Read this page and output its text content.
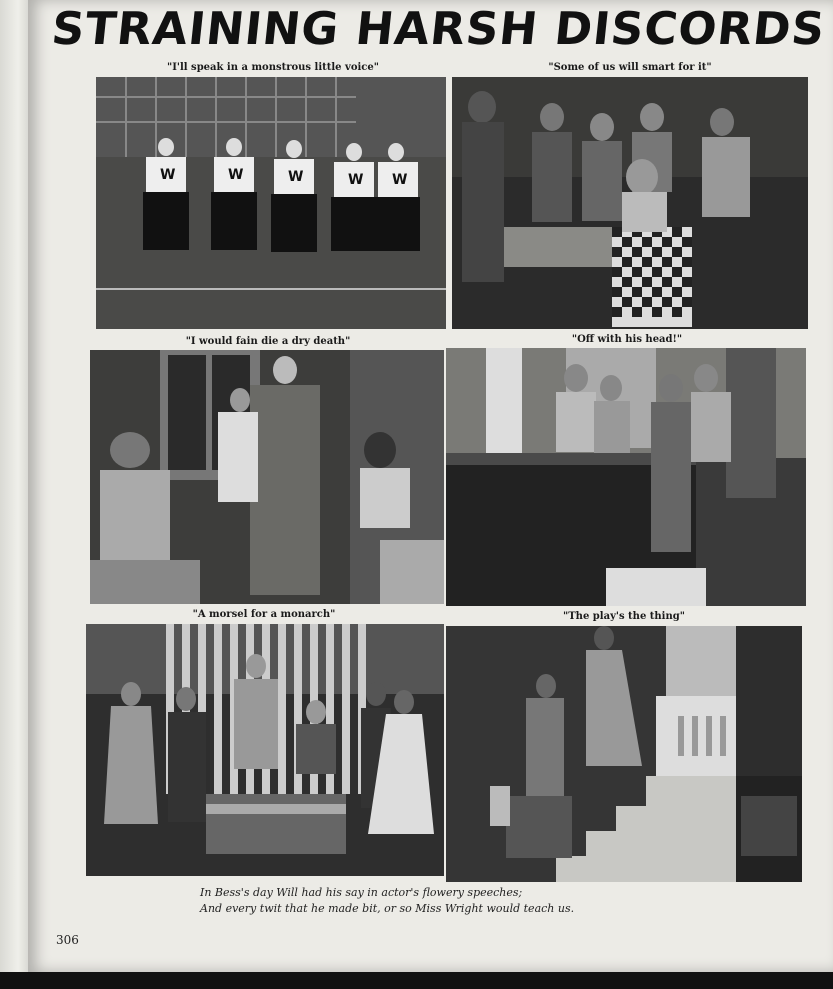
STRAINING HARSH DISCORDS
"I'll speak in a monstrous little voice"	"Some of us will smart for it"
W	W	W	W W
"I would fain die a dry death"	"Off with his head!"
"A morsel for a monarch"	"The play's the thing"
In Bess's day Will had his say in actor's flowery speeches;
And every twit that he made bit, or so Miss Wright would teach us.
306
